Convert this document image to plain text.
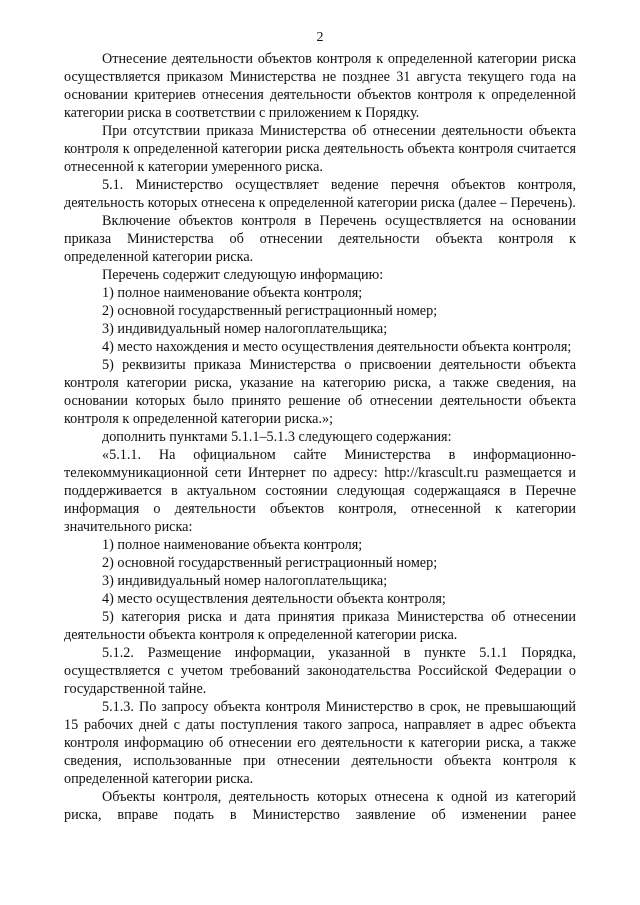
2

Отнесение деятельности объектов контроля к определенной категории риска осуществляется приказом Министерства не позднее 31 августа текущего года на основании критериев отнесения деятельности объектов контроля к определенной категории риска в соответствии с приложением к Порядку.

При отсутствии приказа Министерства об отнесении деятельности объекта контроля к определенной категории риска деятельность объекта контроля считается отнесенной к категории умеренного риска.

5.1. Министерство осуществляет ведение перечня объектов контроля, деятельность которых отнесена к определенной категории риска (далее – Перечень).

Включение объектов контроля в Перечень осуществляется на основании приказа Министерства об отнесении деятельности объекта контроля к определенной категории риска.

Перечень содержит следующую информацию:

1) полное наименование объекта контроля;

2) основной государственный регистрационный номер;

3) индивидуальный номер налогоплательщика;

4) место нахождения и место осуществления деятельности объекта контроля;

5) реквизиты приказа Министерства о присвоении деятельности объекта контроля категории риска, указание на категорию риска, а также сведения, на основании которых было принято решение об отнесении деятельности объекта контроля к определенной категории риска.»;

дополнить пунктами 5.1.1–5.1.3 следующего содержания:

«5.1.1. На официальном сайте Министерства в информационно-телекоммуникационной сети Интернет по адресу: http://krascult.ru размещается и поддерживается в актуальном состоянии следующая содержащаяся в Перечне информация о деятельности объектов контроля, отнесенной к категории значительного риска:

1) полное наименование объекта контроля;

2) основной государственный регистрационный номер;

3) индивидуальный номер налогоплательщика;

4) место осуществления деятельности объекта контроля;

5) категория риска и дата принятия приказа Министерства об отнесении деятельности объекта контроля к определенной категории риска.

5.1.2. Размещение информации, указанной в пункте 5.1.1 Порядка, осуществляется с учетом требований законодательства Российской Федерации о государственной тайне.

5.1.3. По запросу объекта контроля Министерство в срок, не превышающий 15 рабочих дней с даты поступления такого запроса, направляет в адрес объекта контроля информацию об отнесении его деятельности к категории риска, а также сведения, использованные при отнесении деятельности объекта контроля к определенной категории риска.

Объекты контроля, деятельность которых отнесена к одной из категорий риска, вправе подать в Министерство заявление об изменении ранее
